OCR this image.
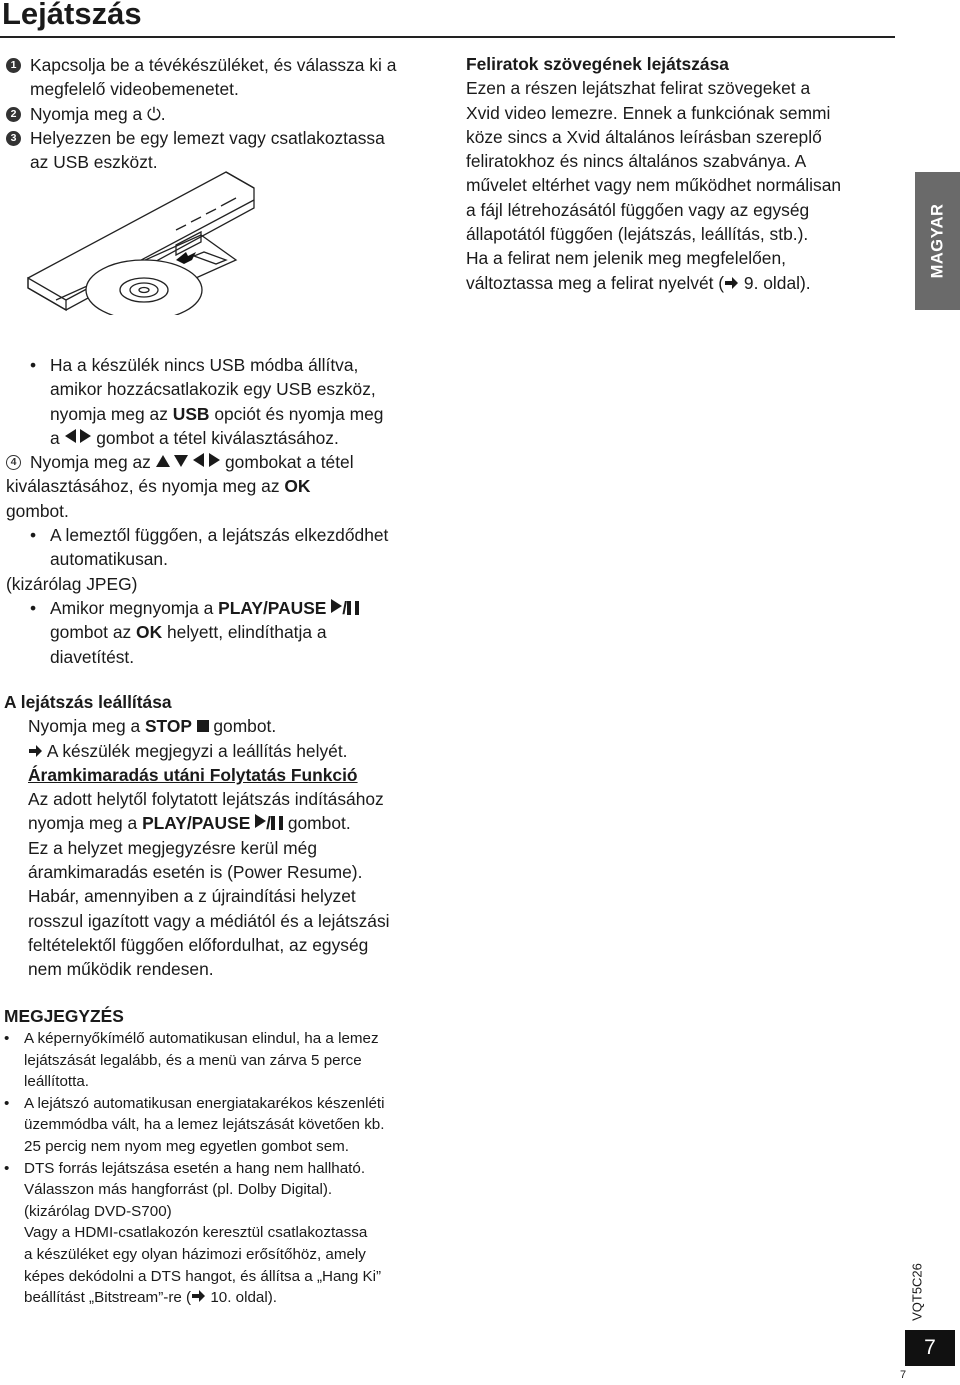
Lejátszás
1 Kapcsolja be a tévékészüléket, és válassza ki a
megfelelő videobemenetet.
2 Nyomja meg a ⏻.
3 Helyezzen be egy lemezt vagy csatlakoztassa
az USB eszközt.
Feliratok szövegének lejátszása
Ezen a részen lejátszhat felirat szövegeket a
Xvid video lemezre. Ennek a funkciónak semmi
köze sincs a Xvid általános leírásban szereplő
feliratokhoz és nincs általános szabványa. A
művelet eltérhet vagy nem működhet normálisan
a fájl létrehozásától függően vagy az egység
állapotától függően (lejátszás, leállítás, stb.).
Ha a felirat nem jelenik meg megfelelően,
változtassa meg a felirat nyelvét ( 9. oldal).
MAGYAR
• Ha a készülék nincs USB módba állítva,
amikor hozzácsatlakozik egy USB eszköz,
nyomja meg az USB opciót és nyomja meg
a   gombot a tétel kiválasztásához.
4 Nyomja meg az	gombokat a tétel
kiválasztásához, és nyomja meg az OK
gombot.
• A lemeztől függően, a lejátszás elkezdődhet
automatikusan.
(kizárólag JPEG)
• Amikor megnyomja a PLAY/PAUSE /
gombot az OK helyett, elindíthatja a
diavetítést.
A lejátszás leállítása
Nyomja meg a STOP  gombot.
A készülék megjegyzi a leállítás helyét.
Áramkimaradás utáni Folytatás Funkció
Az adott helytől folytatott lejátszás indításához
nyomja meg a PLAY/PAUSE / gombot.
Ez a helyzet megjegyzésre kerül még
áramkimaradás esetén is (Power Resume).
Habár, amennyiben a z újraindítási helyzet
rosszul igazított vagy a médiától és a lejátszási
feltételektől függően előfordulhat, az egység
nem működik rendesen.
MEGJEGYZÉS
• A képernyőkímélő automatikusan elindul, ha a lemez
lejátszását legalább, és a menü van zárva 5 perce
leállította.
• A lejátszó automatikusan energiatakarékos készenléti
üzemmódba vált, ha a lemez lejátszását követően kb.
25 percig nem nyom meg egyetlen gombot sem.
• DTS forrás lejátszása esetén a hang nem hallható.
Válasszon más hangforrást (pl. Dolby Digital).
(kizárólag DVD-S700)
Vagy a HDMI-csatlakozón keresztül csatlakoztassa
a készüléket egy olyan házimozi erősítőhöz, amely
képes dekódolni a DTS hangot, és állítsa a „Hang Ki”
beállítást „Bitstream”-re ( 10. oldal).	VQT5C26
7
7
